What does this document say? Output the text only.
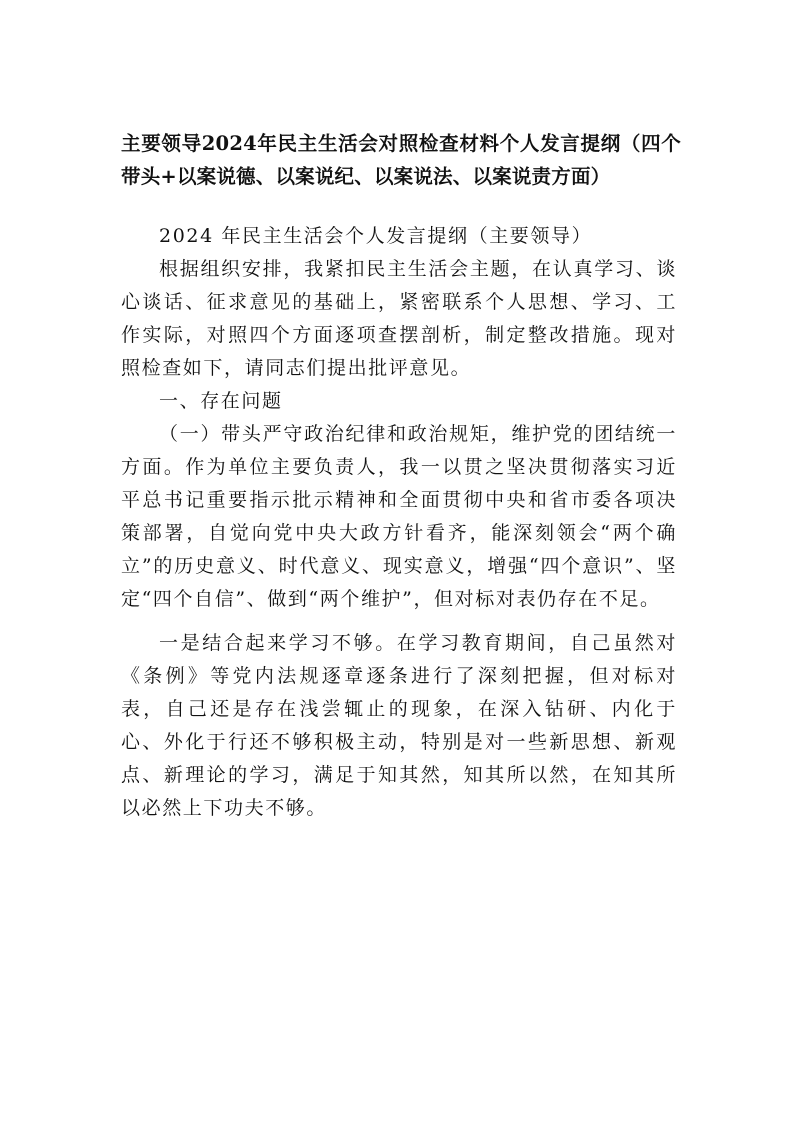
主要领导2024年民主生活会对照检查材料个人发言提纲（四个带头+以案说德、以案说纪、以案说法、以案说责方面）

2024 年民主生活会个人发言提纲（主要领导）

根据组织安排，我紧扣民主生活会主题，在认真学习、谈心谈话、征求意见的基础上，紧密联系个人思想、学习、工作实际，对照四个方面逐项查摆剖析，制定整改措施。现对照检查如下，请同志们提出批评意见。

一、存在问题

（一）带头严守政治纪律和政治规矩，维护党的团结统一方面。作为单位主要负责人，我一以贯之坚决贯彻落实习近平总书记重要指示批示精神和全面贯彻中央和省市委各项决策部署，自觉向党中央大政方针看齐，能深刻领会“两个确立”的历史意义、时代意义、现实意义，增强“四个意识”、坚定“四个自信”、做到“两个维护”，但对标对表仍存在不足。

一是结合起来学习不够。在学习教育期间，自己虽然对《条例》等党内法规逐章逐条进行了深刻把握，但对标对表，自己还是存在浅尝辄止的现象，在深入钻研、内化于心、外化于行还不够积极主动，特别是对一些新思想、新观点、新理论的学习，满足于知其然，知其所以然，在知其所以必然上下功夫不够。
